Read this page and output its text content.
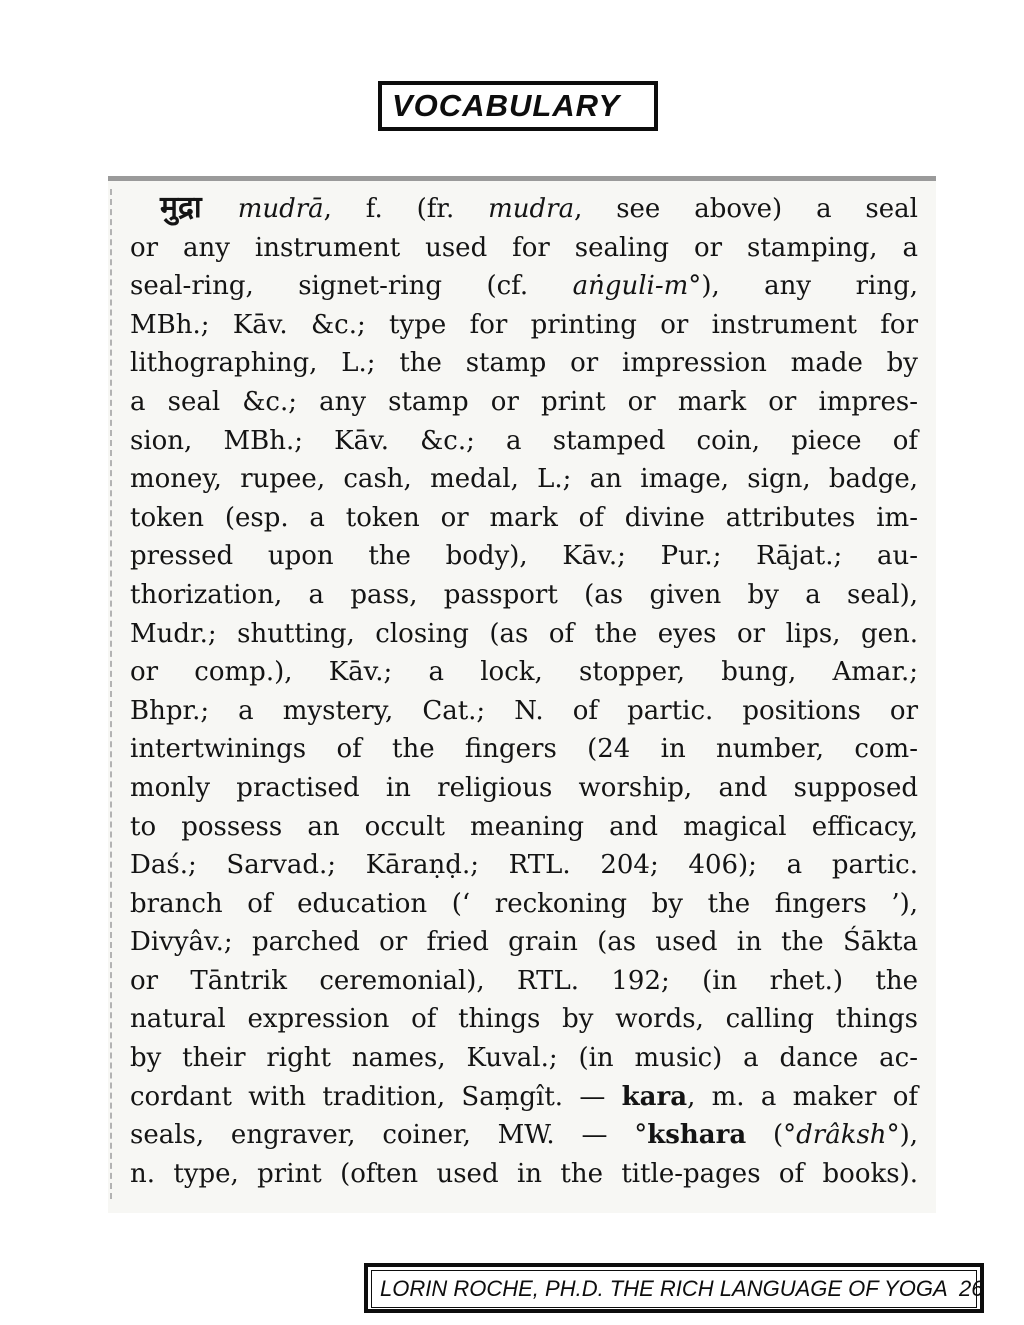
VOCABULARY
मुद्रा mudrā, f. (fr. mudra, see above) a seal
or any instrument used for sealing or stamping, a
seal-ring, signet-ring (cf. aṅguli-m°), any ring,
MBh.; Kāv. &c.; type for printing or instrument for
lithographing, L.; the stamp or impression made by
a seal &c.; any stamp or print or mark or impres-
sion, MBh.; Kāv. &c.; a stamped coin, piece of
money, rupee, cash, medal, L.; an image, sign, badge,
token (esp. a token or mark of divine attributes im-
pressed upon the body), Kāv.; Pur.; Rājat.; au-
thorization, a pass, passport (as given by a seal),
Mudr.; shutting, closing (as of the eyes or lips, gen.
or comp.), Kāv.; a lock, stopper, bung, Amar.;
Bhpr.; a mystery, Cat.; N. of partic. positions or
intertwinings of the fingers (24 in number, com-
monly practised in religious worship, and supposed
to possess an occult meaning and magical efficacy,
Daś.; Sarvad.; Kāraṇḍ.; RTL. 204; 406); a partic.
branch of education (‘ reckoning by the fingers ’),
Divyâv.; parched or fried grain (as used in the Śākta
or Tāntrik ceremonial), RTL. 192; (in rhet.) the
natural expression of things by words, calling things
by their right names, Kuval.; (in music) a dance ac-
cordant with tradition, Saṃgît. — kara, m. a maker of
seals, engraver, coiner, MW. — °kshara (°drâksh°),
n. type, print (often used in the title-pages of books).
LORIN ROCHE, PH.D. THE RICH LANGUAGE OF YOGA  26
